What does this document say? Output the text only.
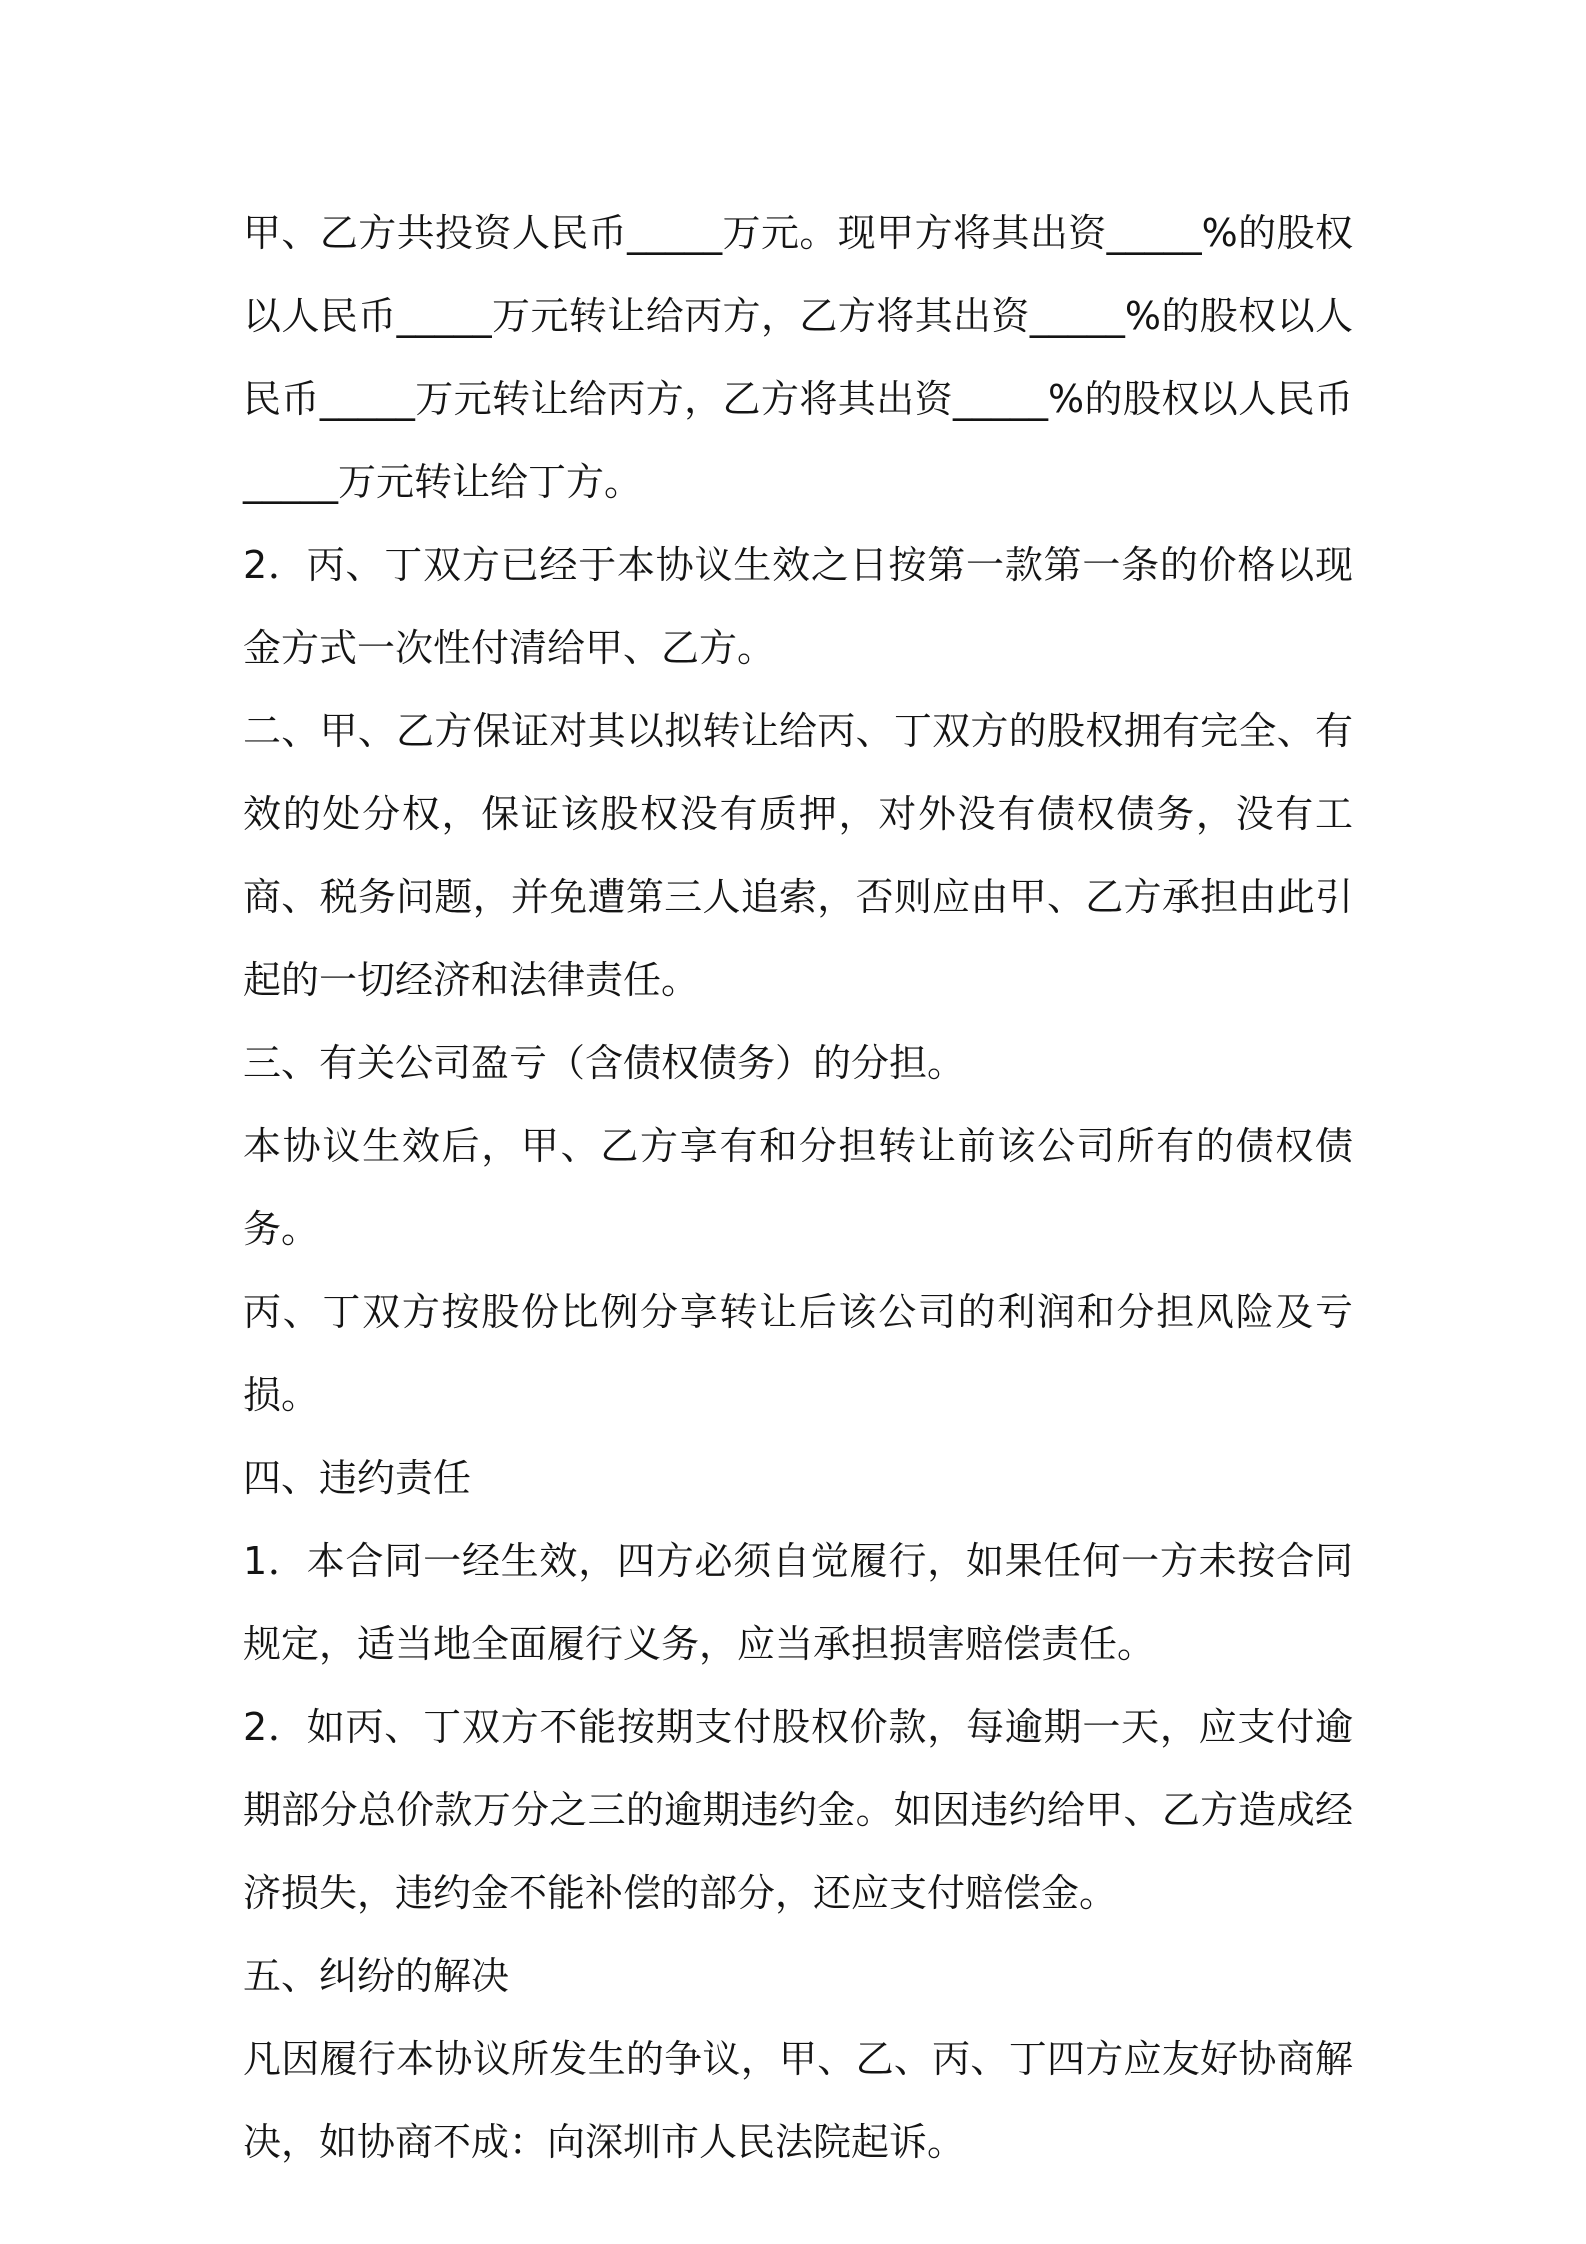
甲、乙方共投资人民币_____万元。现甲方将其出资_____%的股权以人民币_____万元转让给丙方，乙方将其出资_____%的股权以人民币_____万元转让给丙方，乙方将其出资_____%的股权以人民币_____万元转让给丁方。

2．丙、丁双方已经于本协议生效之日按第一款第一条的价格以现金方式一次性付清给甲、乙方。

二、甲、乙方保证对其以拟转让给丙、丁双方的股权拥有完全、有效的处分权，保证该股权没有质押，对外没有债权债务，没有工商、税务问题，并免遭第三人追索，否则应由甲、乙方承担由此引起的一切经济和法律责任。

三、有关公司盈亏（含债权债务）的分担。

本协议生效后，甲、乙方享有和分担转让前该公司所有的债权债务。

丙、丁双方按股份比例分享转让后该公司的利润和分担风险及亏损。

四、违约责任

1．本合同一经生效，四方必须自觉履行，如果任何一方未按合同规定，适当地全面履行义务，应当承担损害赔偿责任。

2．如丙、丁双方不能按期支付股权价款，每逾期一天，应支付逾期部分总价款万分之三的逾期违约金。如因违约给甲、乙方造成经济损失，违约金不能补偿的部分，还应支付赔偿金。

五、纠纷的解决

凡因履行本协议所发生的争议，甲、乙、丙、丁四方应友好协商解决，如协商不成：向深圳市人民法院起诉。
